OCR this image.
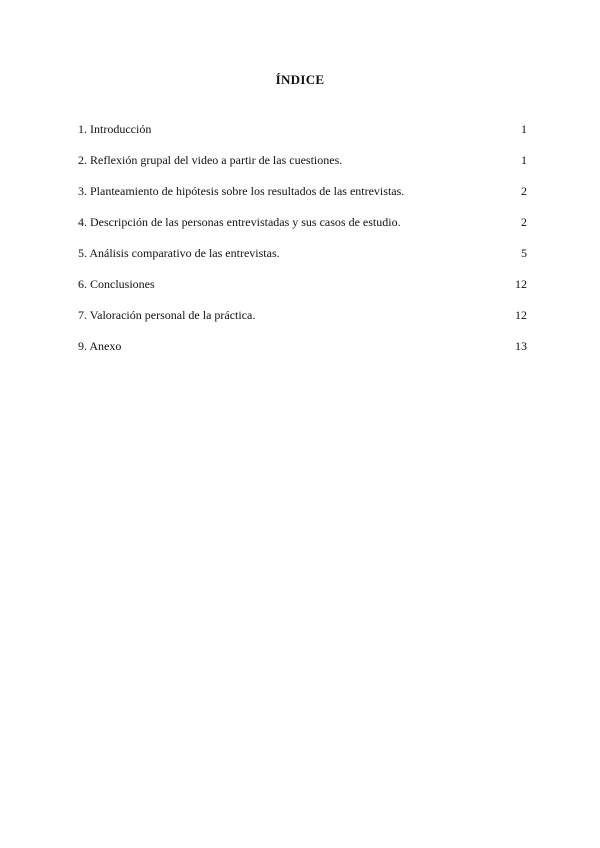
ÍNDICE
1. Introducción	1
2. Reflexión grupal del video a partir de las cuestiones.	1
3. Planteamiento de hipótesis sobre los resultados de las entrevistas.	2
4. Descripción de las personas entrevistadas y sus casos de estudio.	2
5. Análisis comparativo de las entrevistas.	5
6. Conclusiones	12
7. Valoración personal de la práctica.	12
9. Anexo	13
